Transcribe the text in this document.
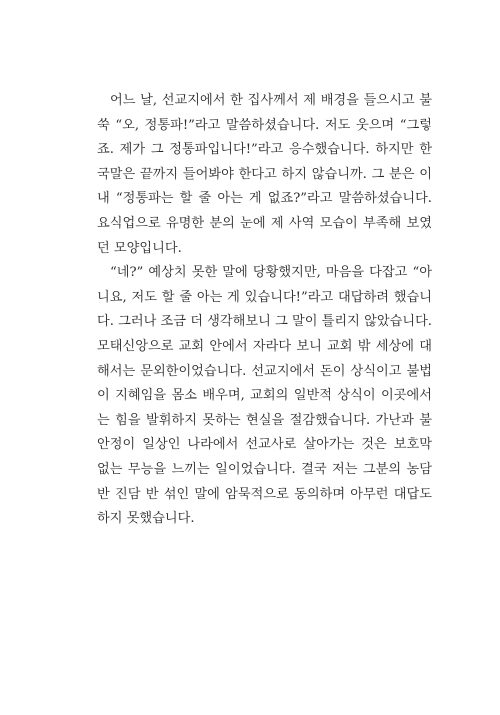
어느 날, 선교지에서 한 집사께서 제 배경을 들으시고 불쑥 “오, 정통파!”라고 말씀하셨습니다. 저도 웃으며 “그렇죠. 제가 그 정통파입니다!”라고 응수했습니다. 하지만 한국말은 끝까지 들어봐야 한다고 하지 않습니까. 그 분은 이내 “정통파는 할 줄 아는 게 없죠?”라고 말씀하셨습니다. 요식업으로 유명한 분의 눈에 제 사역 모습이 부족해 보였던 모양입니다.

“네?” 예상치 못한 말에 당황했지만, 마음을 다잡고 “아니요, 저도 할 줄 아는 게 있습니다!”라고 대답하려 했습니다. 그러나 조금 더 생각해보니 그 말이 틀리지 않았습니다. 모태신앙으로 교회 안에서 자라다 보니 교회 밖 세상에 대해서는 문외한이었습니다. 선교지에서 돈이 상식이고 불법이 지혜임을 몸소 배우며, 교회의 일반적 상식이 이곳에서는 힘을 발휘하지 못하는 현실을 절감했습니다. 가난과 불안정이 일상인 나라에서 선교사로 살아가는 것은 보호막 없는 무능을 느끼는 일이었습니다. 결국 저는 그분의 농담 반 진담 반 섞인 말에 암묵적으로 동의하며 아무런 대답도 하지 못했습니다.
